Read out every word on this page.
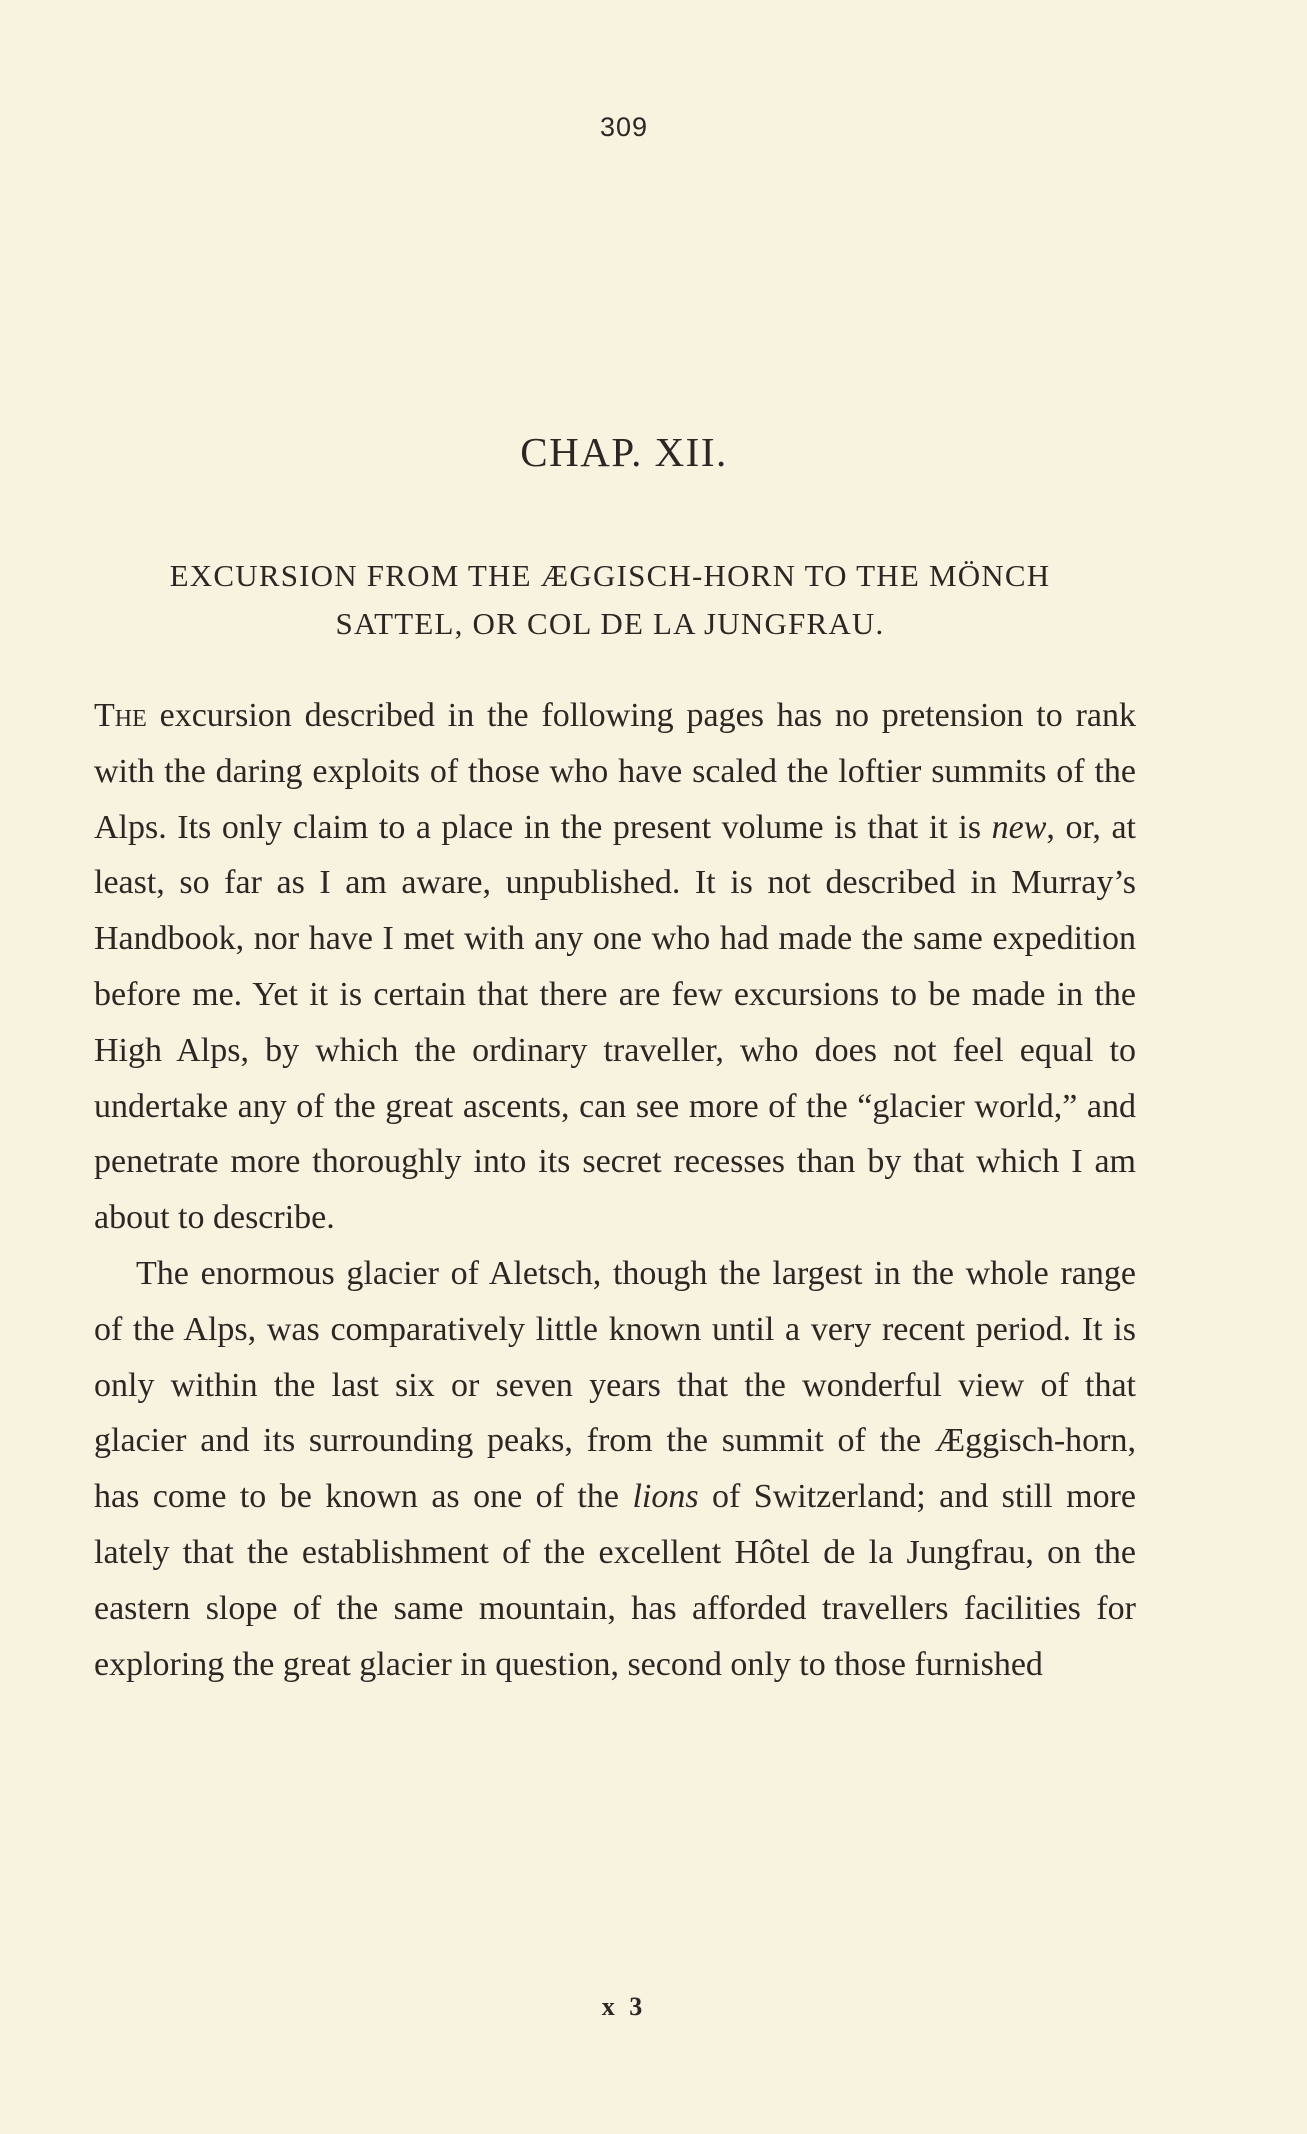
309
CHAP. XII.
EXCURSION FROM THE ÆGGISCH-HORN TO THE MÖNCH
SATTEL, OR COL DE LA JUNGFRAU.

The excursion described in the following pages has no pretension to rank with the daring exploits of those who have scaled the loftier summits of the Alps. Its only claim to a place in the present volume is that it is new, or, at least, so far as I am aware, unpublished. It is not described in Murray’s Handbook, nor have I met with any one who had made the same expedition before me. Yet it is certain that there are few excursions to be made in the High Alps, by which the ordinary traveller, who does not feel equal to undertake any of the great ascents, can see more of the “glacier world,” and penetrate more thoroughly into its secret recesses than by that which I am about to describe.

The enormous glacier of Aletsch, though the largest in the whole range of the Alps, was comparatively little known until a very recent period. It is only within the last six or seven years that the wonderful view of that glacier and its surrounding peaks, from the summit of the Æggisch-horn, has come to be known as one of the lions of Switzerland; and still more lately that the establishment of the excellent Hôtel de la Jungfrau, on the eastern slope of the same mountain, has afforded travellers facilities for exploring the great glacier in question, second only to those furnished

x 3
